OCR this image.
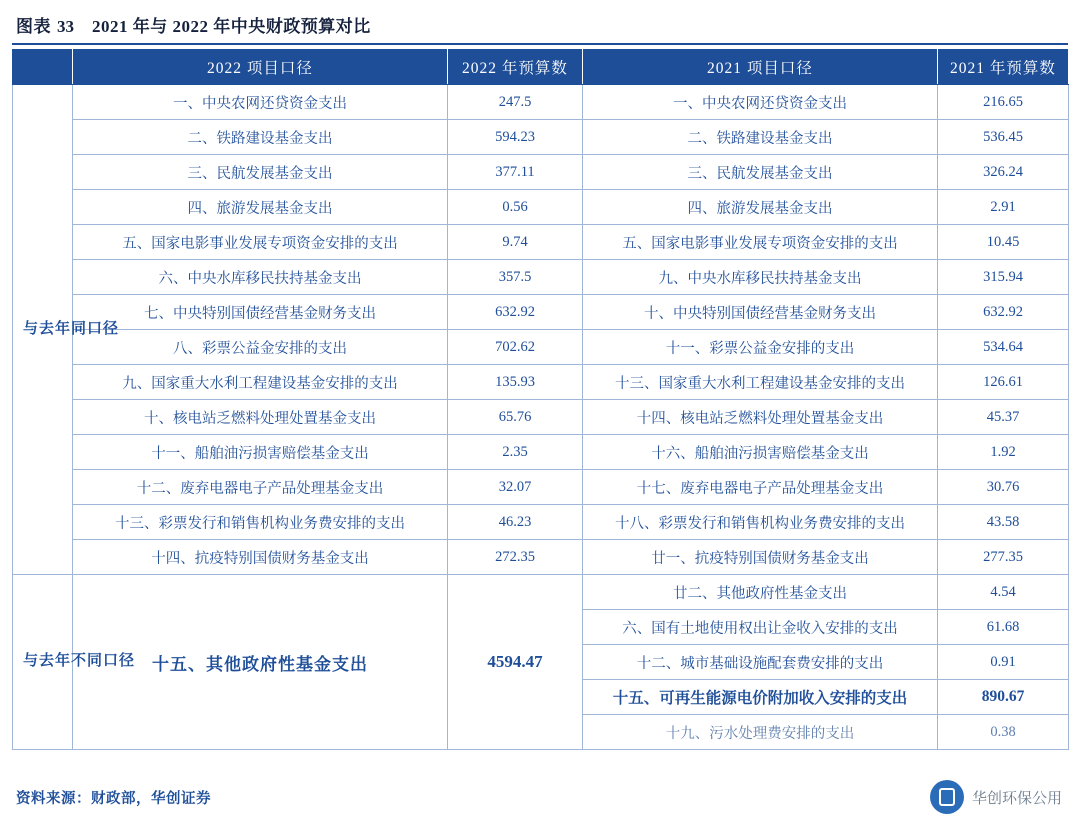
图表 33 2021 年与 2022 年中央财政预算对比
	2022 项目口径	2022 年预算数	2021 项目口径	2021 年预算数
与去年同口径	一、中央农网还贷资金支出	247.5	一、中央农网还贷资金支出	216.65
	二、铁路建设基金支出	594.23	二、铁路建设基金支出	536.45
	三、民航发展基金支出	377.11	三、民航发展基金支出	326.24
	四、旅游发展基金支出	0.56	四、旅游发展基金支出	2.91
	五、国家电影事业发展专项资金安排的支出	9.74	五、国家电影事业发展专项资金安排的支出	10.45
	六、中央水库移民扶持基金支出	357.5	九、中央水库移民扶持基金支出	315.94
	七、中央特别国债经营基金财务支出	632.92	十、中央特别国债经营基金财务支出	632.92
	八、彩票公益金安排的支出	702.62	十一、彩票公益金安排的支出	534.64
	九、国家重大水利工程建设基金安排的支出	135.93	十三、国家重大水利工程建设基金安排的支出	126.61
	十、核电站乏燃料处理处置基金支出	65.76	十四、核电站乏燃料处理处置基金支出	45.37
	十一、船舶油污损害赔偿基金支出	2.35	十六、船舶油污损害赔偿基金支出	1.92
	十二、废弃电器电子产品处理基金支出	32.07	十七、废弃电器电子产品处理基金支出	30.76
	十三、彩票发行和销售机构业务费安排的支出	46.23	十八、彩票发行和销售机构业务费安排的支出	43.58
	十四、抗疫特别国债财务基金支出	272.35	廿一、抗疫特别国债财务基金支出	277.35
与去年不同口径	十五、其他政府性基金支出	4594.47	廿二、其他政府性基金支出	4.54
			六、国有土地使用权出让金收入安排的支出	61.68
			十二、城市基础设施配套费安排的支出	0.91
			十五、可再生能源电价附加收入安排的支出	890.67
			十九、污水处理费安排的支出	0.38
资料来源：财政部，华创证券	华创环保公用
